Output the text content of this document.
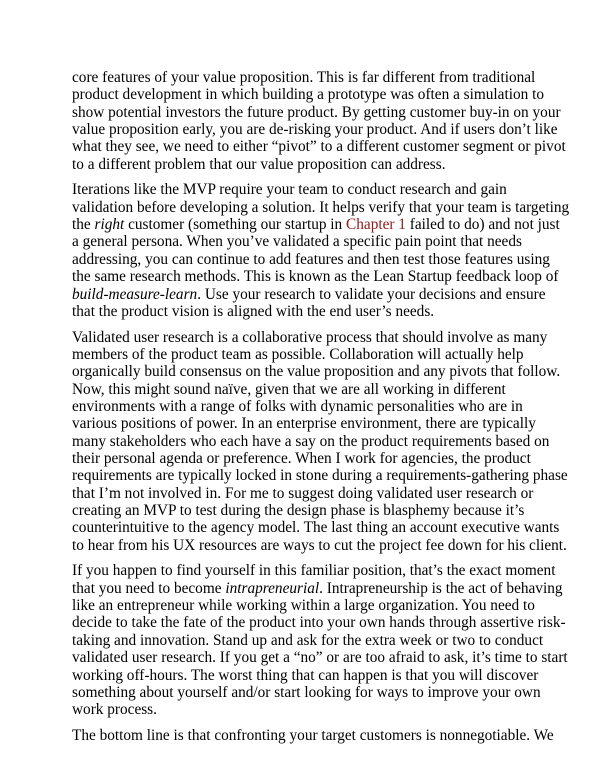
core features of your value proposition. This is far different from traditional
product development in which building a prototype was often a simulation to
show potential investors the future product. By getting customer buy-in on your
value proposition early, you are de-risking your product. And if users don’t like
what they see, we need to either “pivot” to a different customer segment or pivot
to a different problem that our value proposition can address.

Iterations like the MVP require your team to conduct research and gain
validation before developing a solution. It helps verify that your team is targeting
the right customer (something our startup in Chapter 1 failed to do) and not just
a general persona. When you’ve validated a specific pain point that needs
addressing, you can continue to add features and then test those features using
the same research methods. This is known as the Lean Startup feedback loop of
build-measure-learn. Use your research to validate your decisions and ensure
that the product vision is aligned with the end user’s needs.

Validated user research is a collaborative process that should involve as many
members of the product team as possible. Collaboration will actually help
organically build consensus on the value proposition and any pivots that follow.
Now, this might sound naïve, given that we are all working in different
environments with a range of folks with dynamic personalities who are in
various positions of power. In an enterprise environment, there are typically
many stakeholders who each have a say on the product requirements based on
their personal agenda or preference. When I work for agencies, the product
requirements are typically locked in stone during a requirements-gathering phase
that I’m not involved in. For me to suggest doing validated user research or
creating an MVP to test during the design phase is blasphemy because it’s
counterintuitive to the agency model. The last thing an account executive wants
to hear from his UX resources are ways to cut the project fee down for his client.

If you happen to find yourself in this familiar position, that’s the exact moment
that you need to become intrapreneurial. Intrapreneurship is the act of behaving
like an entrepreneur while working within a large organization. You need to
decide to take the fate of the product into your own hands through assertive risk-
taking and innovation. Stand up and ask for the extra week or two to conduct
validated user research. If you get a “no” or are too afraid to ask, it’s time to start
working off-hours. The worst thing that can happen is that you will discover
something about yourself and/or start looking for ways to improve your own
work process.

The bottom line is that confronting your target customers is nonnegotiable. We
